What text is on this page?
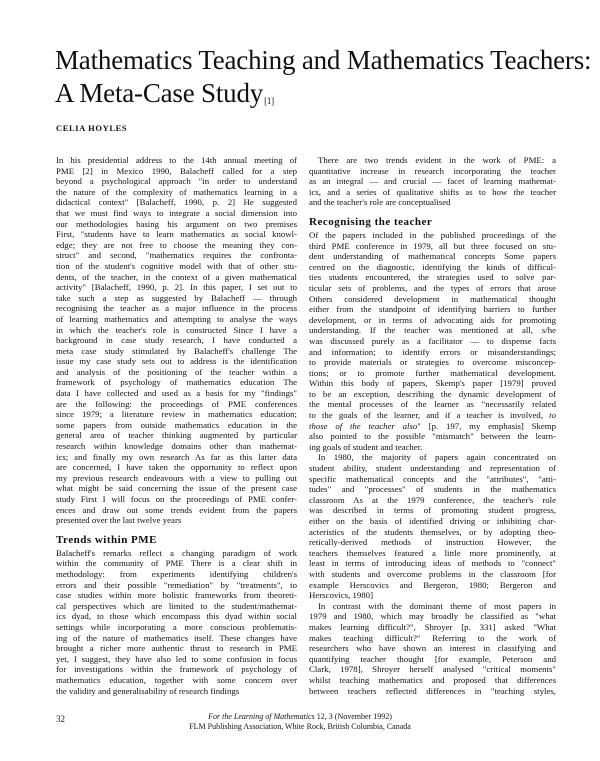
Mathematics Teaching and Mathematics Teachers:
A Meta-Case Study[1]
CELIA HOYLES
In his presidential address to the 14th annual meeting of
PME [2] in Mexico 1990, Balacheff called for a step
beyond a psychological approach "in order to understand
the nature of the complexity of mathematics learning in a
didactical context" [Balacheff, 1990, p. 2] He suggested
that we must find ways to integrate a social dimension into
our methodologies basing his argument on two premises
First, "students have to learn mathematics as social knowl-
edge; they are not free to choose the meaning they con-
struct" and second, "mathematics requires the confronta-
tion of the student's cognitive model with that of other stu-
dents, of the teacher, in the context of a given mathematical
activity" [Balacheff, 1990, p. 2]. In this paper, I set out to
take such a step as suggested by Balacheff — through
recognising the teacher as a major influence in the process
of learning mathematics and attempting to analyse the ways
in which the teacher's role is constructed Since I have a
background in case study research, I have conducted a
meta case study stimulated by Balacheff's challenge The
issue my case study sets out to address is the identification
and analysis of the positioning of the teacher within a
framework of psychology of mathematics education The
data I have collected and used as a basis for my "findings"
are the following: the proceedings of PME conferences
since 1979; a literature review in mathematics education;
some papers from outside mathematics education in the
general area of teacher thinking augmented by particular
research within knowledge domains other than mathemat-
ics; and finally my own research As far as this latter data
are concerned, I have taken the opportunity to reflect upon
my previous research endeavours with a view to pulling out
what might be said concerning the issue of the present case
study First I will focus on the proceedings of PME confer-
ences and draw out some trends evident from the papers
presented over the last twelve years
Trends within PME
Balacheff's remarks reflect a changing paradigm of work
within the community of PME There is a clear shift in
methodology: from experiments identifying children's
errors and their possible "remediation" by "treatments", to
case studies within more holistic frameworks from theoreti-
cal perspectives which are limited to the student/mathemat-
ics dyad, to those which encompass this dyad within social
settings while incorporating a more conscious problematis-
ing of the nature of mathematics itself. These changes have
brought a richer more authentic thrust to research in PME
yet, I suggest, they have also led to some confusion in focus
for investigations within the framework of psychology of
mathematics education, together with some concern over
the validity and generalisability of research findings
There are two trends evident in the work of PME: a
quantitative increase in research incorporating the teacher
as an integral — and crucial — facet of learning mathemat-
ics, and a series of qualitative shifts as to how the teacher
and the teacher's role are conceptualised
Recognising the teacher
Of the papers included in the published proceedings of the
third PME conference in 1979, all but three focused on stu-
dent understanding of mathematical concepts Some papers
centred on the diagnostic, identifying the kinds of difficul-
ties students encountered, the strategies used to solve par-
ticular sets of problems, and the types of errors that arose
Others considered development in mathematical thought
either from the standpoint of identifying barriers to further
development, or in terms of advocating aids for promoting
understanding. If the teacher was mentioned at all, s/he
was discussed purely as a facilitator — to dispense facts
and information; to identify errors or misunderstandings;
to provide materials or strategies to overcome misconcep-
tions; or to promote further mathematical development.
Within this body of papers, Skemp's paper [1979] proved
to be an exception, describing the dynamic development of
the mental processes of the learner as "necessarily related
to the goals of the learner, and if a teacher is involved, to
those of the teacher also" [p. 197, my emphasis] Skemp
also pointed to the possible "mismatch" between the learn-
ing goals of student and teacher.
In 1980, the majority of papers again concentrated on
student ability, student understanding and representation of
specific mathematical concepts and the "attributes", "atti-
tudes" and "processes" of students in the mathematics
classroom As at the 1979 conference, the teacher's role
was described in terms of promoting student progress,
either on the basis of identified driving or inhibiting char-
acteristics of the students themselves, or by adopting theo-
retically-derived methods of instruction However, the
teachers themselves featured a little more prominently, at
least in terms of introducing ideas of methods to "connect"
with students and overcome problems in the classroom [for
example Herscovics and Bergeron, 1980; Bergeron and
Herscovics, 1980]
In contrast with the dominant theme of most papers in
1979 and 1980, which may broadly be classified as "what
makes learning difficult?", Shroyer [p. 331] asked "What
makes teaching difficult?" Referring to the work of
researchers who have shown an interest in classifying and
quantifying teacher thought [for example, Peterson and
Clark, 1978], Shroyer herself analysed "critical moments"
whilst teaching mathematics and proposed that differences
between teachers reflected differences in "teaching styles,
32	For the Learning of Mathematics 12, 3 (November 1992)
FLM Publishing Association, White Rock, British Columbia, Canada
